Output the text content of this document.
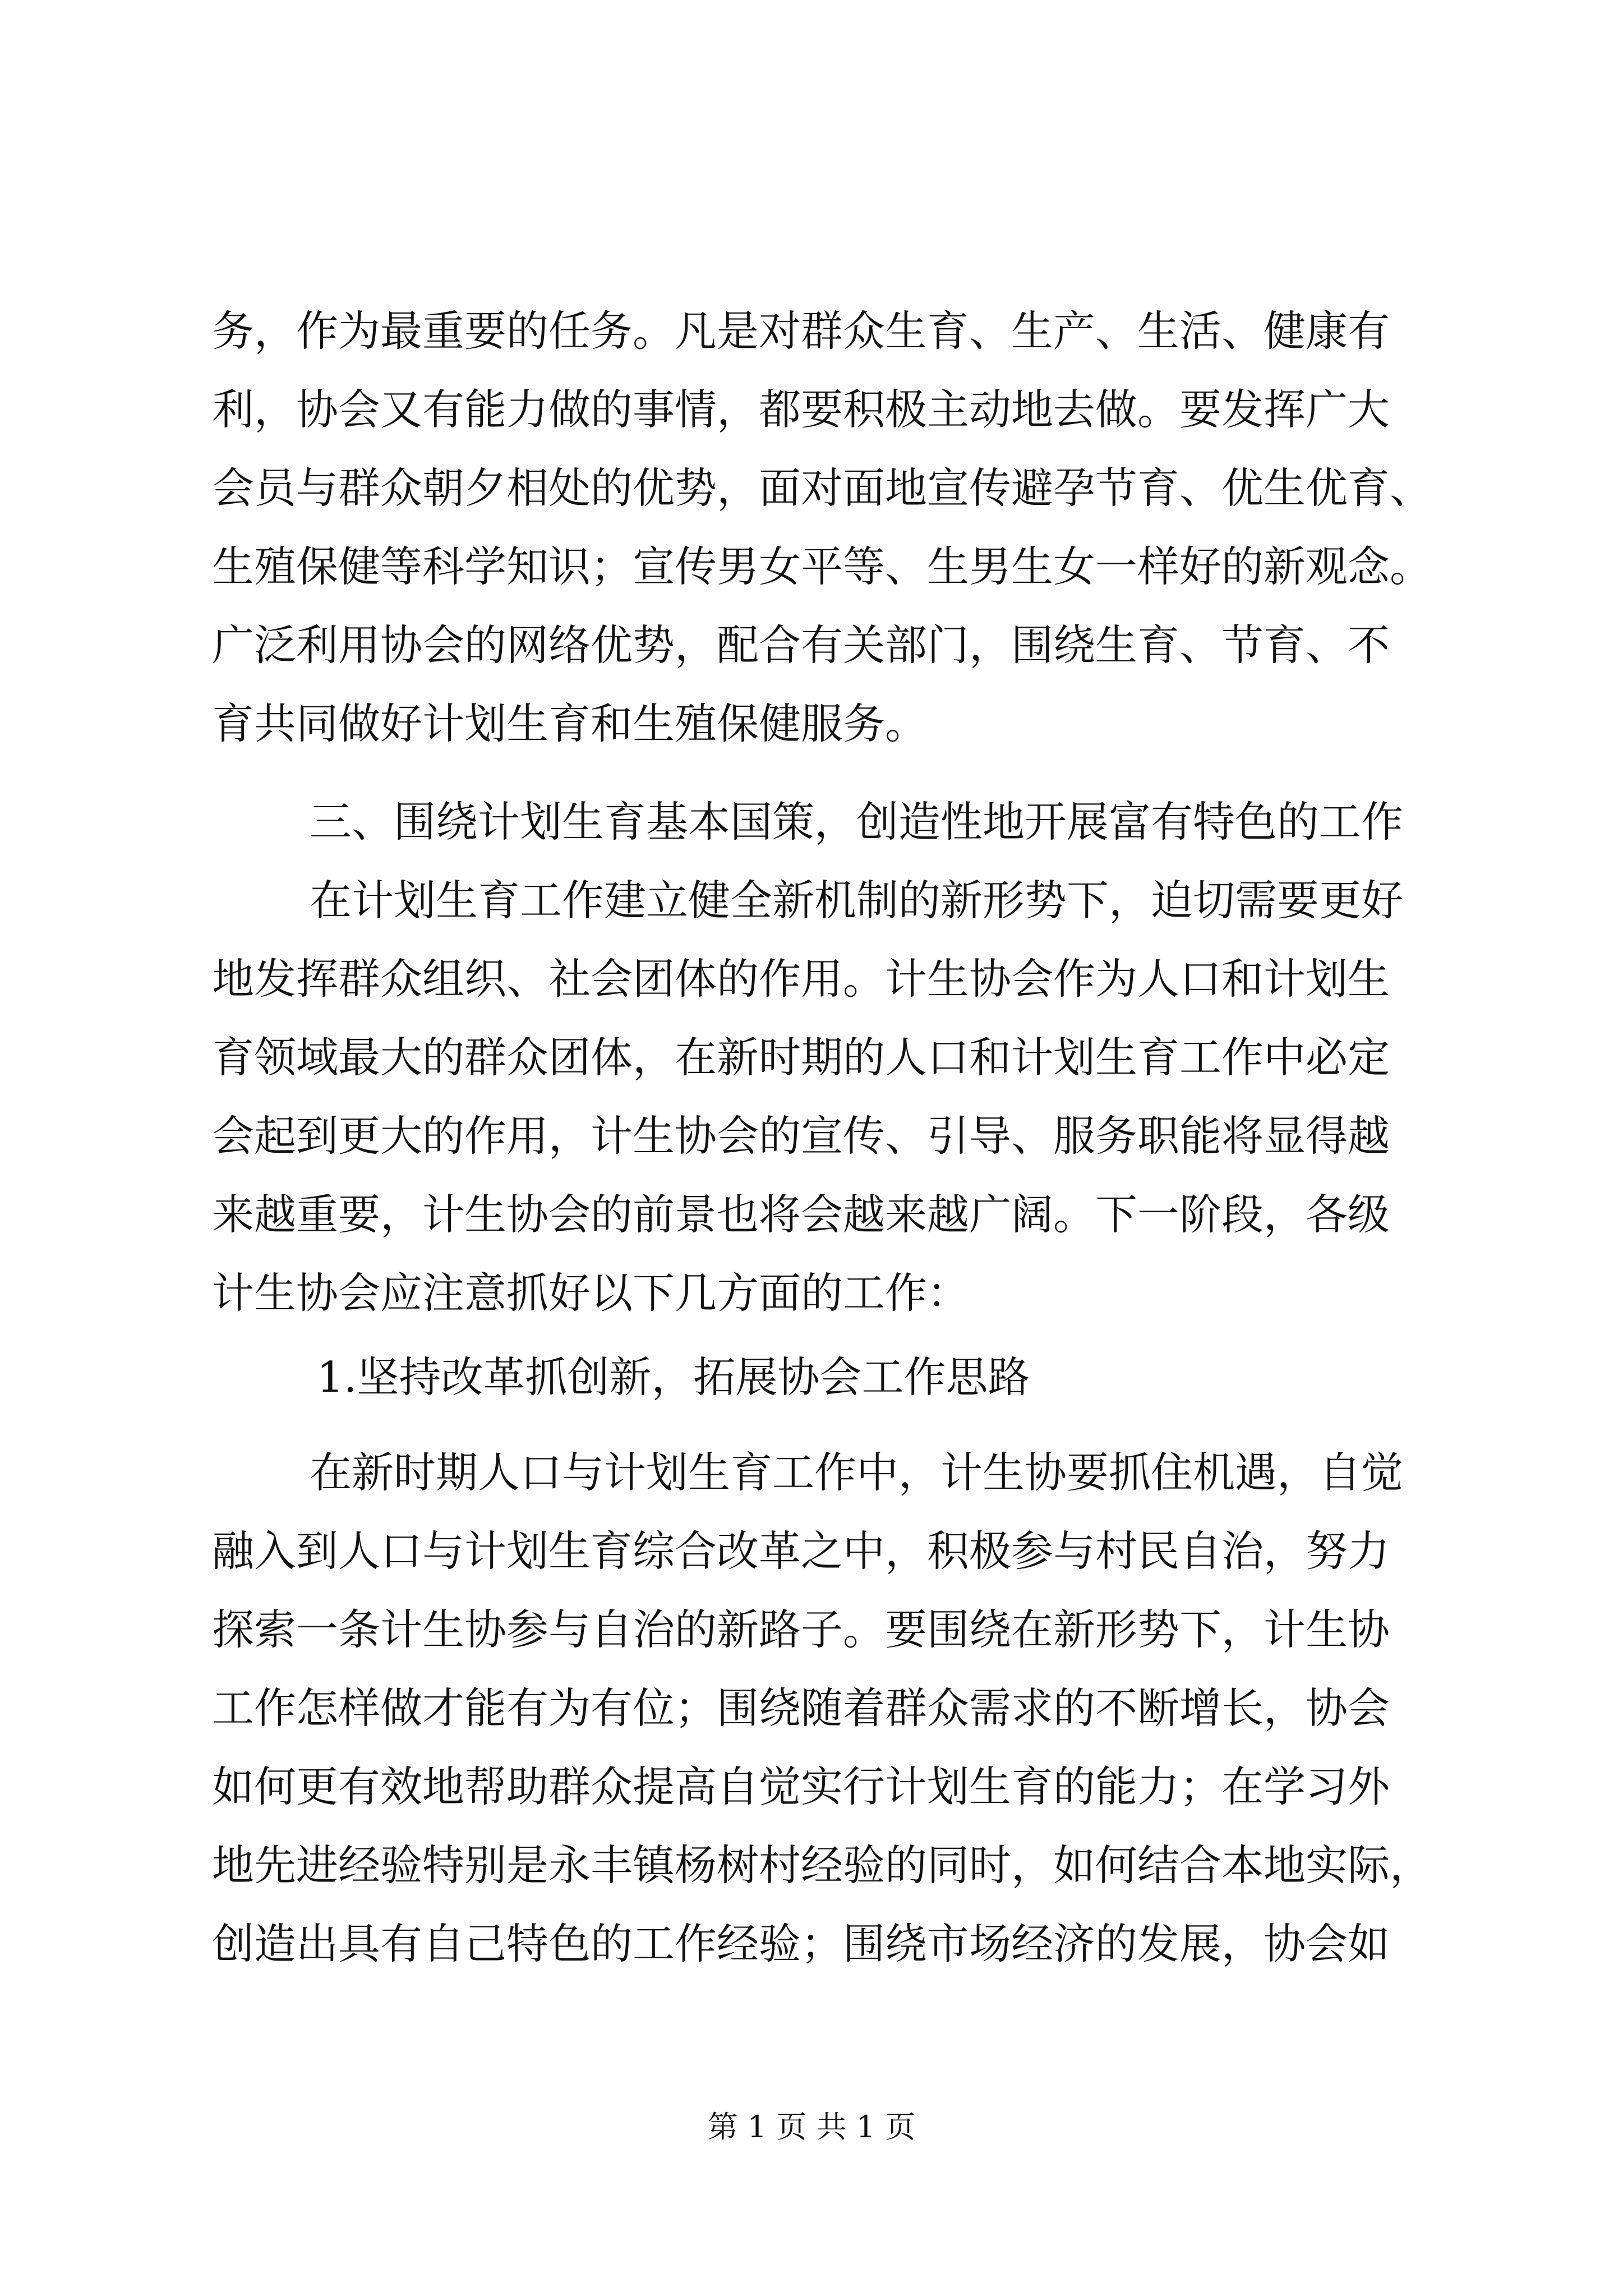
务，作为最重要的任务。凡是对群众生育、生产、生活、健康有
利，协会又有能力做的事情，都要积极主动地去做。要发挥广大
会员与群众朝夕相处的优势，面对面地宣传避孕节育、优生优育、
生殖保健等科学知识；宣传男女平等、生男生女一样好的新观念。
广泛利用协会的网络优势，配合有关部门，围绕生育、节育、不
育共同做好计划生育和生殖保健服务。
三、围绕计划生育基本国策，创造性地开展富有特色的工作
在计划生育工作建立健全新机制的新形势下，迫切需要更好
地发挥群众组织、社会团体的作用。计生协会作为人口和计划生
育领域最大的群众团体，在新时期的人口和计划生育工作中必定
会起到更大的作用，计生协会的宣传、引导、服务职能将显得越
来越重要，计生协会的前景也将会越来越广阔。下一阶段，各级
计生协会应注意抓好以下几方面的工作：
1.坚持改革抓创新，拓展协会工作思路
在新时期人口与计划生育工作中，计生协要抓住机遇，自觉
融入到人口与计划生育综合改革之中，积极参与村民自治，努力
探索一条计生协参与自治的新路子。要围绕在新形势下，计生协
工作怎样做才能有为有位；围绕随着群众需求的不断增长，协会
如何更有效地帮助群众提高自觉实行计划生育的能力；在学习外
地先进经验特别是永丰镇杨树村经验的同时，如何结合本地实际，
创造出具有自己特色的工作经验；围绕市场经济的发展，协会如
第 1 页 共 1 页
